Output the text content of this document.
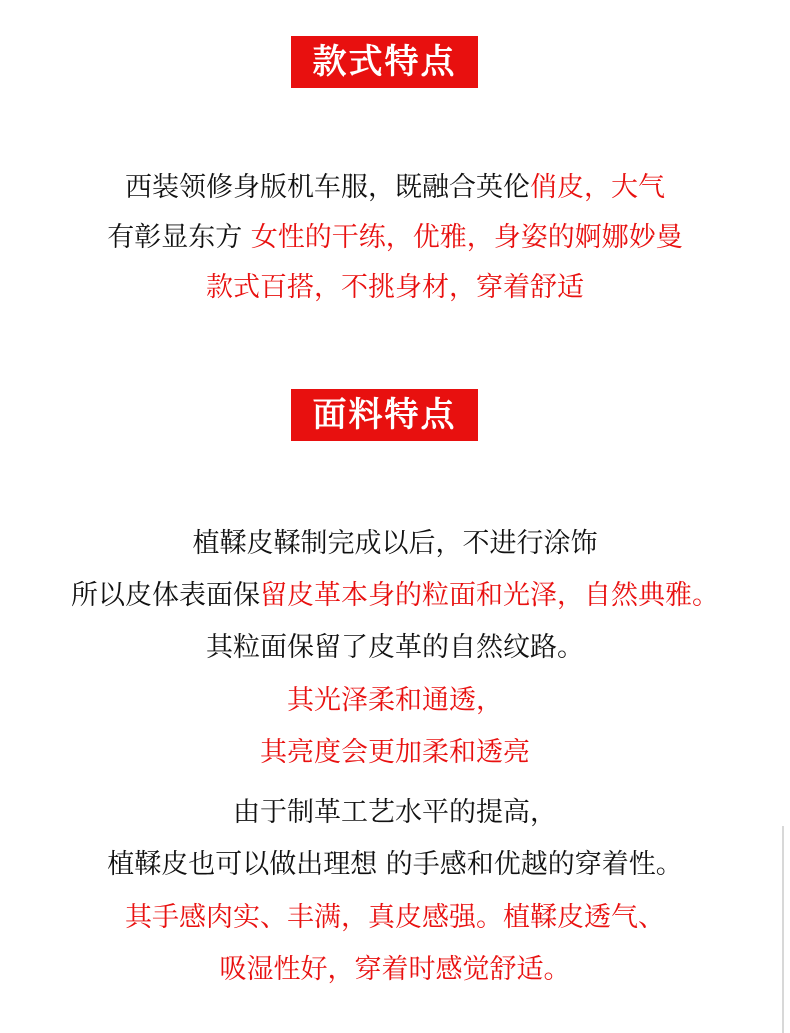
款式特点
西装领修身版机车服，既融合英伦俏皮，大气
有彰显东方 女性的干练，优雅，身姿的婀娜妙曼
款式百搭，不挑身材，穿着舒适
面料特点
植鞣皮鞣制完成以后，不进行涂饰
所以皮体表面保留皮革本身的粒面和光泽，自然典雅。
其粒面保留了皮革的自然纹路。
其光泽柔和通透，
其亮度会更加柔和透亮
由于制革工艺水平的提高，
植鞣皮也可以做出理想 的手感和优越的穿着性。
其手感肉实、丰满，真皮感强。植鞣皮透气、
吸湿性好，穿着时感觉舒适。
